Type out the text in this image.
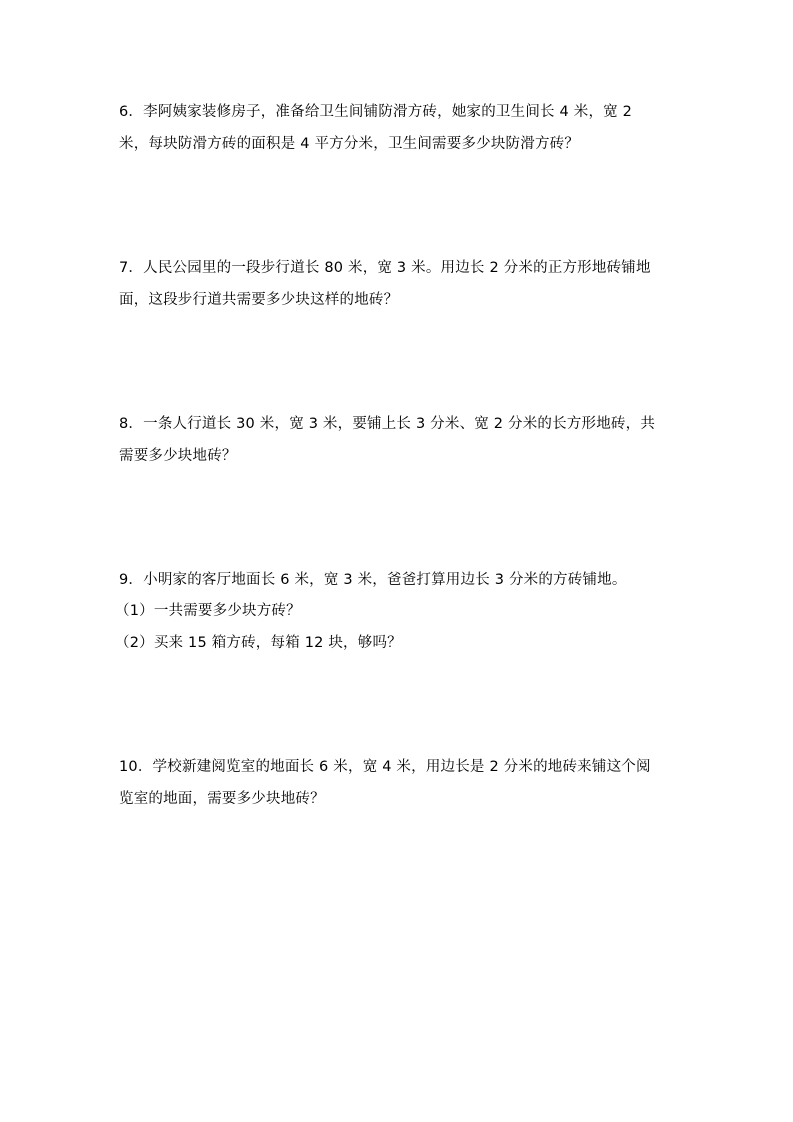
6．李阿姨家装修房子，准备给卫生间铺防滑方砖，她家的卫生间长 4 米，宽 2
米，每块防滑方砖的面积是 4 平方分米，卫生间需要多少块防滑方砖？
7．人民公园里的一段步行道长 80 米，宽 3 米。用边长 2 分米的正方形地砖铺地
面，这段步行道共需要多少块这样的地砖？
8．一条人行道长 30 米，宽 3 米，要铺上长 3 分米、宽 2 分米的长方形地砖，共
需要多少块地砖？
9．小明家的客厅地面长 6 米，宽 3 米，爸爸打算用边长 3 分米的方砖铺地。
（1）一共需要多少块方砖？
（2）买来 15 箱方砖，每箱 12 块，够吗？
10．学校新建阅览室的地面长 6 米，宽 4 米，用边长是 2 分米的地砖来铺这个阅
览室的地面，需要多少块地砖？
